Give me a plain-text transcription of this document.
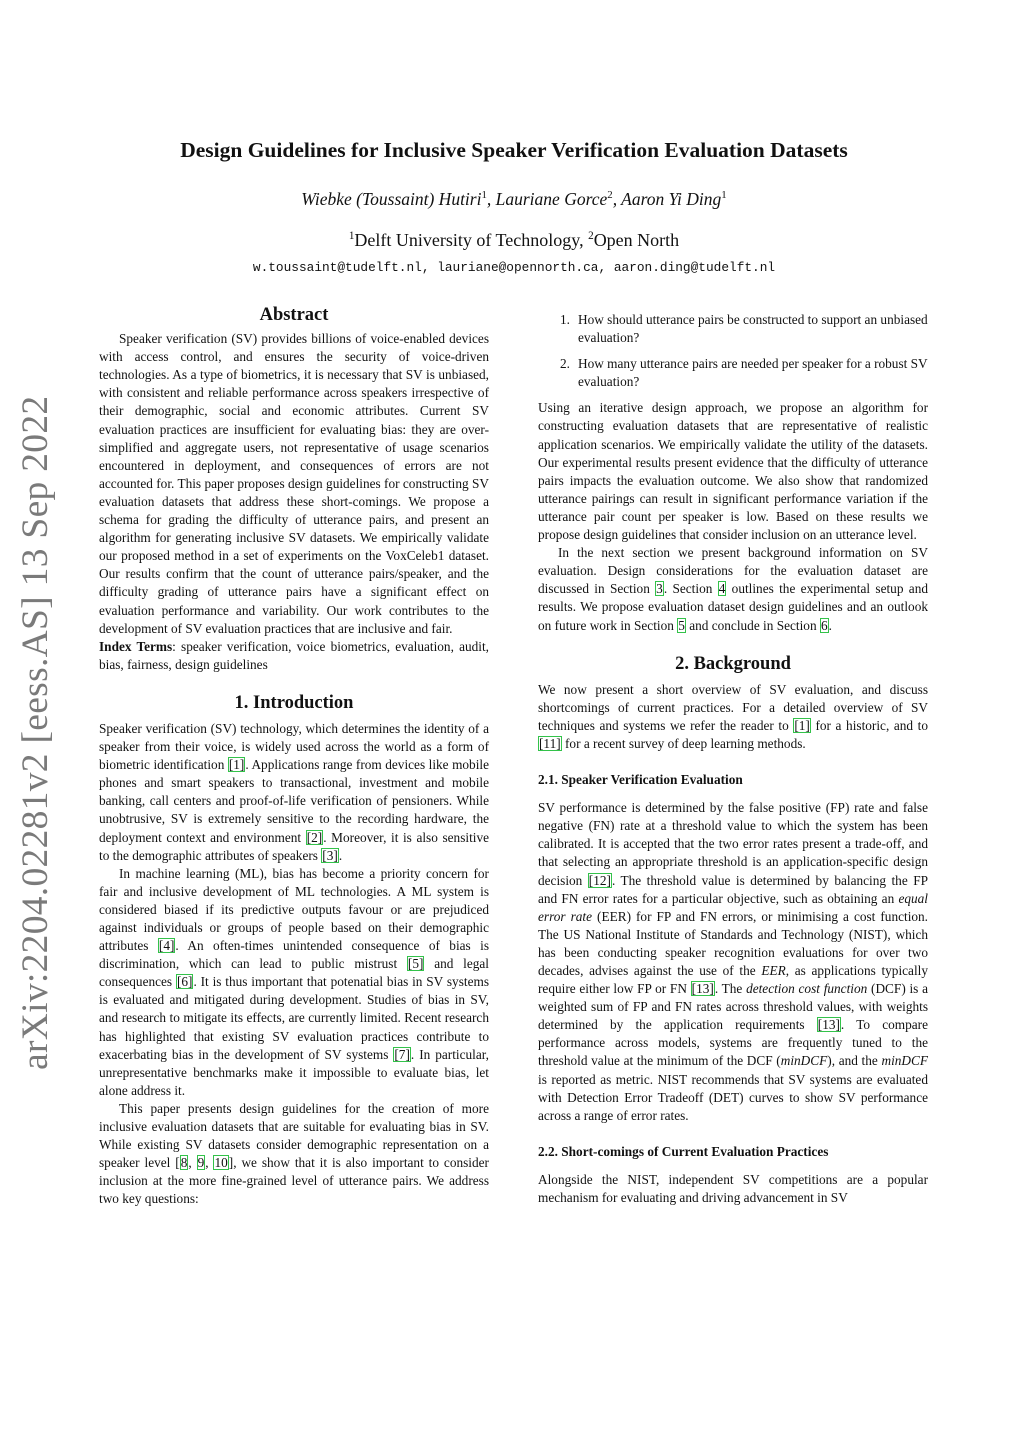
arXiv:2204.02281v2 [eess.AS] 13 Sep 2022
Design Guidelines for Inclusive Speaker Verification Evaluation Datasets
Wiebke (Toussaint) Hutiri$^1$, Lauriane Gorce$^2$, Aaron Yi Ding$^1$
$^1$Delft University of Technology, $^2$Open North
w.toussaint@tudelft.nl, lauriane@opennorth.ca, aaron.ding@tudelft.nl
Abstract

Speaker verification (SV) provides billions of voice-enabled devices with access control, and ensures the security of voice-driven technologies. As a type of biometrics, it is necessary that SV is unbiased, with consistent and reliable performance across speakers irrespective of their demographic, social and economic attributes. Current SV evaluation practices are insufficient for evaluating bias: they are over-simplified and aggregate users, not representative of usage scenarios encountered in deployment, and consequences of errors are not accounted for. This paper proposes design guidelines for constructing SV evaluation datasets that address these short-comings. We propose a schema for grading the difficulty of utterance pairs, and present an algorithm for generating inclusive SV datasets. We empirically validate our proposed method in a set of experiments on the VoxCeleb1 dataset. Our results confirm that the count of utterance pairs/speaker, and the difficulty grading of utterance pairs have a significant effect on evaluation performance and variability. Our work contributes to the development of SV evaluation practices that are inclusive and fair.

Index Terms: speaker verification, voice biometrics, evaluation, audit, bias, fairness, design guidelines

1. Introduction

Speaker verification (SV) technology, which determines the identity of a speaker from their voice, is widely used across the world as a form of biometric identification [1]. Applications range from devices like mobile phones and smart speakers to transactional, investment and mobile banking, call centers and proof-of-life verification of pensioners. While unobtrusive, SV is extremely sensitive to the recording hardware, the deployment context and environment [2]. Moreover, it is also sensitive to the demographic attributes of speakers [3].

In machine learning (ML), bias has become a priority concern for fair and inclusive development of ML technologies. A ML system is considered biased if its predictive outputs favour or are prejudiced against individuals or groups of people based on their demographic attributes [4]. An often-times unintended consequence of bias is discrimination, which can lead to public mistrust [5] and legal consequences [6]. It is thus important that potenatial bias in SV systems is evaluated and mitigated during development. Studies of bias in SV, and research to mitigate its effects, are currently limited. Recent research has highlighted that existing SV evaluation practices contribute to exacerbating bias in the development of SV systems [7]. In particular, unrepresentative benchmarks make it impossible to evaluate bias, let alone address it.

This paper presents design guidelines for the creation of more inclusive evaluation datasets that are suitable for evaluating bias in SV. While existing SV datasets consider demographic representation on a speaker level [8, 9, 10], we show that it is also important to consider inclusion at the more fine-grained level of utterance pairs. We address two key questions:

1. How should utterance pairs be constructed to support an unbiased evaluation?
2. How many utterance pairs are needed per speaker for a robust SV evaluation?

Using an iterative design approach, we propose an algorithm for constructing evaluation datasets that are representative of realistic application scenarios. We empirically validate the utility of the datasets. Our experimental results present evidence that the difficulty of utterance pairs impacts the evaluation outcome. We also show that randomized utterance pairings can result in significant performance variation if the utterance pair count per speaker is low. Based on these results we propose design guidelines that consider inclusion on an utterance level.

In the next section we present background information on SV evaluation. Design considerations for the evaluation dataset are discussed in Section 3. Section 4 outlines the experimental setup and results. We propose evaluation dataset design guidelines and an outlook on future work in Section 5 and conclude in Section 6.

2. Background

We now present a short overview of SV evaluation, and discuss shortcomings of current practices. For a detailed overview of SV techniques and systems we refer the reader to [1] for a historic, and to [11] for a recent survey of deep learning methods.

2.1. Speaker Verification Evaluation

SV performance is determined by the false positive (FP) rate and false negative (FN) rate at a threshold value to which the system has been calibrated. It is accepted that the two error rates present a trade-off, and that selecting an appropriate threshold is an application-specific design decision [12]. The threshold value is determined by balancing the FP and FN error rates for a particular objective, such as obtaining an equal error rate (EER) for FP and FN errors, or minimising a cost function. The US National Institute of Standards and Technology (NIST), which has been conducting speaker recognition evaluations for over two decades, advises against the use of the EER, as applications typically require either low FP or FN [13]. The detection cost function (DCF) is a weighted sum of FP and FN rates across threshold values, with weights determined by the application requirements [13]. To compare performance across models, systems are frequently tuned to the threshold value at the minimum of the DCF (minDCF), and the minDCF is reported as metric. NIST recommends that SV systems are evaluated with Detection Error Tradeoff (DET) curves to show SV performance across a range of error rates.

2.2. Short-comings of Current Evaluation Practices

Alongside the NIST, independent SV competitions are a popular mechanism for evaluating and driving advancement in SV
